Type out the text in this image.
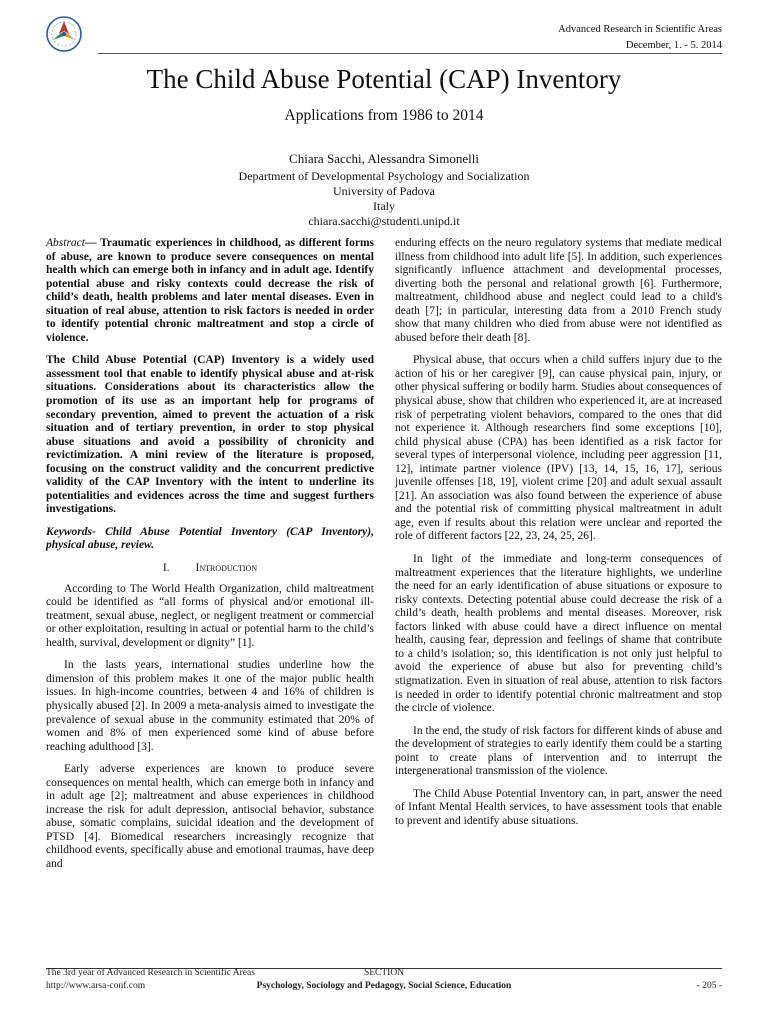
Advanced Research in Scientific Areas
December, 1. - 5. 2014
The Child Abuse Potential (CAP) Inventory
Applications from 1986 to 2014
Chiara Sacchi, Alessandra Simonelli
Department of Developmental Psychology and Socialization
University of Padova
Italy
chiara.sacchi@studenti.unipd.it

Abstract— Traumatic experiences in childhood, as different forms of abuse, are known to produce severe consequences on mental health which can emerge both in infancy and in adult age. Identify potential abuse and risky contexts could decrease the risk of child’s death, health problems and later mental diseases. Even in situation of real abuse, attention to risk factors is needed in order to identify potential chronic maltreatment and stop a circle of violence.

The Child Abuse Potential (CAP) Inventory is a widely used assessment tool that enable to identify physical abuse and at-risk situations. Considerations about its characteristics allow the promotion of its use as an important help for programs of secondary prevention, aimed to prevent the actuation of a risk situation and of tertiary prevention, in order to stop physical abuse situations and avoid a possibility of chronicity and revictimization. A mini review of the literature is proposed, focusing on the construct validity and the concurrent predictive validity of the CAP Inventory with the intent to underline its potentialities and evidences across the time and suggest furthers investigations.

Keywords- Child Abuse Potential Inventory (CAP Inventory), physical abuse, review.

I. Introduction

According to The World Health Organization, child maltreatment could be identified as “all forms of physical and/or emotional ill-treatment, sexual abuse, neglect, or negligent treatment or commercial or other exploitation, resulting in actual or potential harm to the child’s health, survival, development or dignity” [1].

In the lasts years, international studies underline how the dimension of this problem makes it one of the major public health issues. In high-income countries, between 4 and 16% of children is physically abused [2]. In 2009 a meta-analysis aimed to investigate the prevalence of sexual abuse in the community estimated that 20% of women and 8% of men experienced some kind of abuse before reaching adulthood [3].

Early adverse experiences are known to produce severe consequences on mental health, which can emerge both in infancy and in adult age [2]; maltreatment and abuse experiences in childhood increase the risk for adult depression, antisocial behavior, substance abuse, somatic complains, suicidal ideation and the development of PTSD [4]. Biomedical researchers increasingly recognize that childhood events, specifically abuse and emotional traumas, have deep and

enduring effects on the neuro regulatory systems that mediate medical illness from childhood into adult life [5]. In addition, such experiences significantly influence attachment and developmental processes, diverting both the personal and relational growth [6]. Furthermore, maltreatment, childhood abuse and neglect could lead to a child's death [7]; in particular, interesting data from a 2010 French study show that many children who died from abuse were not identified as abused before their death [8].

Physical abuse, that occurs when a child suffers injury due to the action of his or her caregiver [9], can cause physical pain, injury, or other physical suffering or bodily harm. Studies about consequences of physical abuse, show that children who experienced it, are at increased risk of perpetrating violent behaviors, compared to the ones that did not experience it. Although researchers find some exceptions [10], child physical abuse (CPA) has been identified as a risk factor for several types of interpersonal violence, including peer aggression [11, 12], intimate partner violence (IPV) [13, 14, 15, 16, 17], serious juvenile offenses [18, 19], violent crime [20] and adult sexual assault [21]. An association was also found between the experience of abuse and the potential risk of committing physical maltreatment in adult age, even if results about this relation were unclear and reported the role of different factors [22, 23, 24, 25, 26].

In light of the immediate and long-term consequences of maltreatment experiences that the literature highlights, we underline the need for an early identification of abuse situations or exposure to risky contexts. Detecting potential abuse could decrease the risk of a child’s death, health problems and mental diseases. Moreover, risk factors linked with abuse could have a direct influence on mental health, causing fear, depression and feelings of shame that contribute to a child’s isolation; so, this identification is not only just helpful to avoid the experience of abuse but also for preventing child’s stigmatization. Even in situation of real abuse, attention to risk factors is needed in order to identify potential chronic maltreatment and stop the circle of violence.

In the end, the study of risk factors for different kinds of abuse and the development of strategies to early identify them could be a starting point to create plans of intervention and to interrupt the intergenerational transmission of the violence.

The Child Abuse Potential Inventory can, in part, answer the need of Infant Mental Health services, to have assessment tools that enable to prevent and identify abuse situations.

The 3rd year of Advanced Research in Scientific Areas	SECTION
http://www.arsa-conf.com	Psychology, Sociology and Pedagogy, Social Science, Education	- 205 -
